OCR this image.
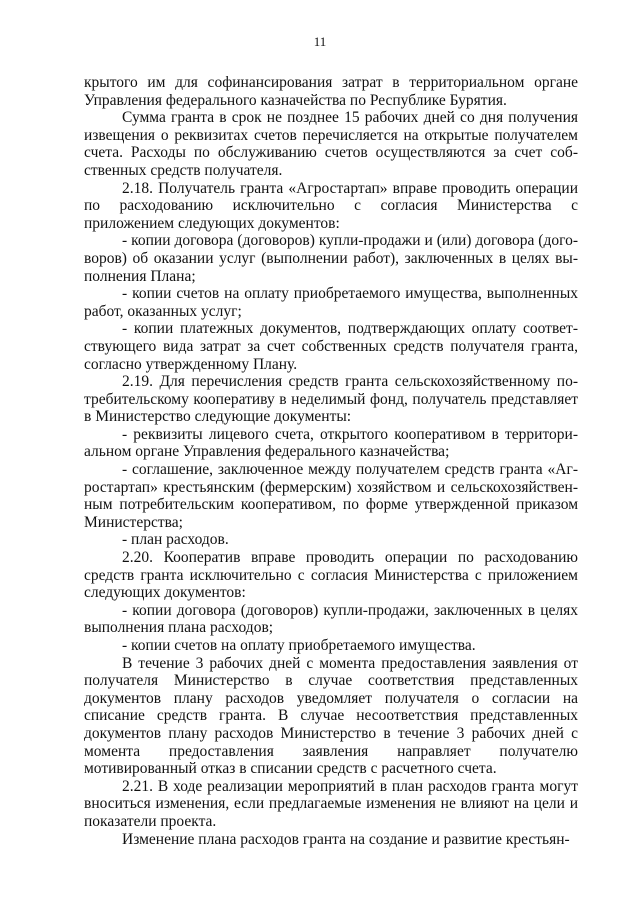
11

крытого им для софинансирования затрат в территориальном органе Управления федерального казначейства по Республике Бурятия.

Сумма гранта в срок не позднее 15 рабочих дней со дня получения извещения о реквизитах счетов перечисляется на открытые получателем счета. Расходы по обслуживанию счетов осуществляются за счет собственных средств получателя.

2.18. Получатель гранта «Агростартап» вправе проводить операции по расходованию исключительно с согласия Министерства с приложением следующих документов:

- копии договора (договоров) купли-продажи и (или) договора (договоров) об оказании услуг (выполнении работ), заключенных в целях выполнения Плана;

- копии счетов на оплату приобретаемого имущества, выполненных работ, оказанных услуг;

- копии платежных документов, подтверждающих оплату соответствующего вида затрат за счет собственных средств получателя гранта, согласно утвержденному Плану.

2.19. Для перечисления средств гранта сельскохозяйственному потребительскому кооперативу в неделимый фонд, получатель представляет в Министерство следующие документы:

- реквизиты лицевого счета, открытого кооперативом в территориальном органе Управления федерального казначейства;

- соглашение, заключенное между получателем средств гранта «Агростартап» крестьянским (фермерским) хозяйством и сельскохозяйственным потребительским кооперативом, по форме утвержденной приказом Министерства;

- план расходов.

2.20. Кооператив вправе проводить операции по расходованию средств гранта исключительно с согласия Министерства с приложением следующих документов:

- копии договора (договоров) купли-продажи, заключенных в целях выполнения плана расходов;

- копии счетов на оплату приобретаемого имущества.

В течение 3 рабочих дней с момента предоставления заявления от получателя Министерство в случае соответствия представленных документов плану расходов уведомляет получателя о согласии на списание средств гранта. В случае несоответствия представленных документов плану расходов Министерство в течение 3 рабочих дней с момента предоставления заявления направляет получателю мотивированный отказ в списании средств с расчетного счета.

2.21. В ходе реализации мероприятий в план расходов гранта могут вноситься изменения, если предлагаемые изменения не влияют на цели и показатели проекта.

Изменение плана расходов гранта на создание и развитие крестьян-
